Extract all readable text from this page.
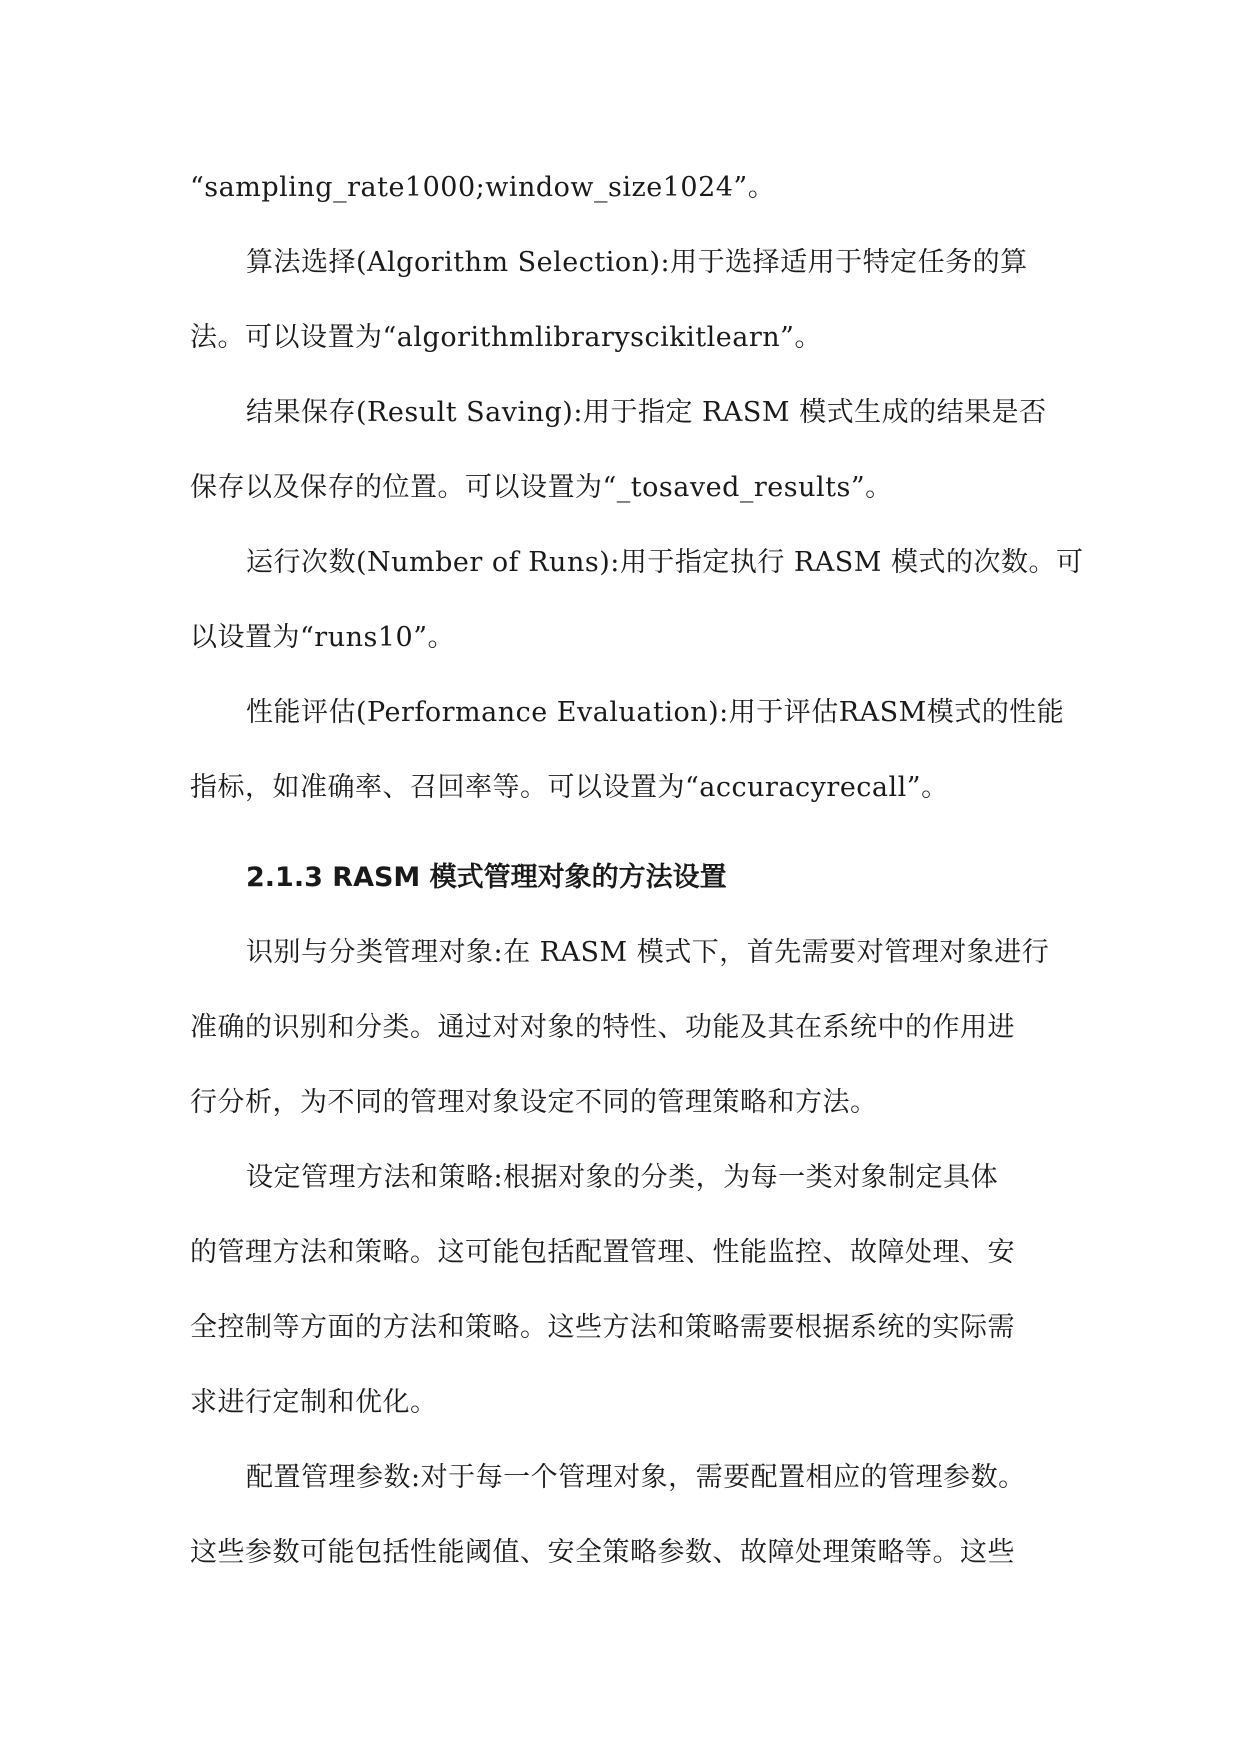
“sampling_rate1000;window_size1024”。

算法选择(Algorithm Selection):用于选择适用于特定任务的算
法。可以设置为“algorithmlibraryscikitlearn”。

结果保存(Result Saving):用于指定 RASM 模式生成的结果是否
保存以及保存的位置。可以设置为“_tosaved_results”。

运行次数(Number of Runs):用于指定执行 RASM 模式的次数。可
以设置为“runs10”。

性能评估(Performance Evaluation):用于评估RASM模式的性能
指标，如准确率、召回率等。可以设置为“accuracyrecall”。

2.1.3 RASM 模式管理对象的方法设置

识别与分类管理对象:在 RASM 模式下，首先需要对管理对象进行
准确的识别和分类。通过对对象的特性、功能及其在系统中的作用进
行分析，为不同的管理对象设定不同的管理策略和方法。

设定管理方法和策略:根据对象的分类，为每一类对象制定具体
的管理方法和策略。这可能包括配置管理、性能监控、故障处理、安
全控制等方面的方法和策略。这些方法和策略需要根据系统的实际需
求进行定制和优化。

配置管理参数:对于每一个管理对象，需要配置相应的管理参数。
这些参数可能包括性能阈值、安全策略参数、故障处理策略等。这些
